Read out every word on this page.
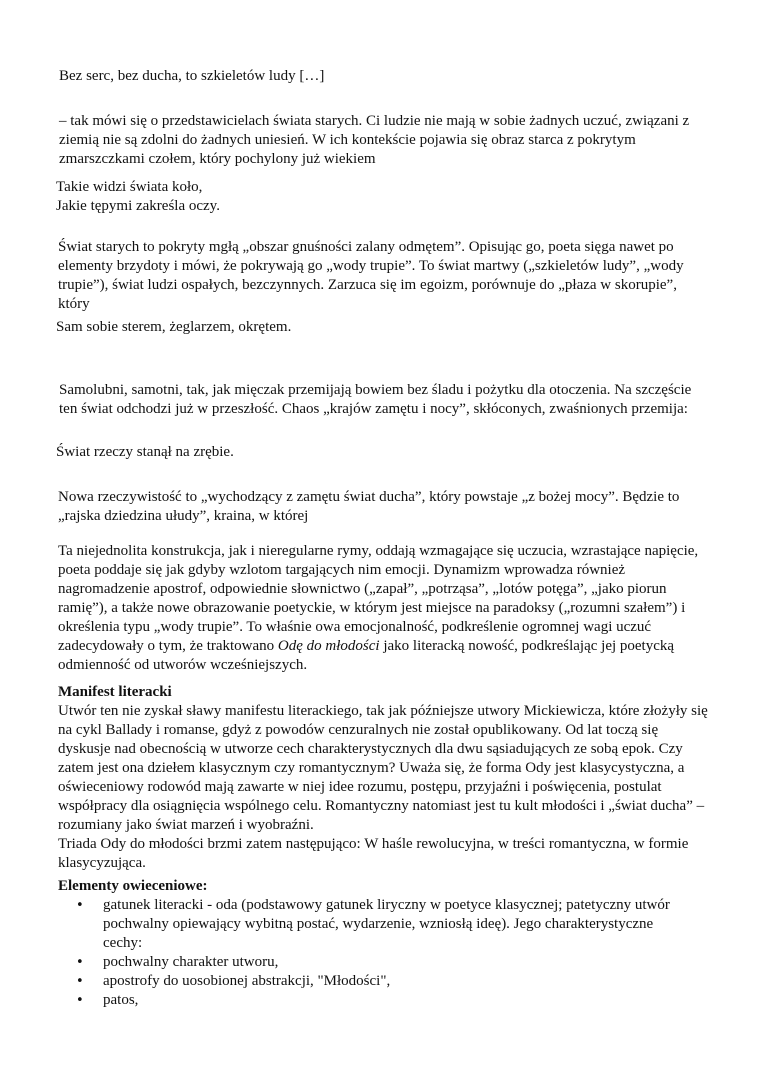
Bez serc, bez ducha, to szkieletów ludy […]

– tak mówi się o przedstawicielach świata starych. Ci ludzie nie mają w sobie żadnych uczuć, związani z ziemią nie są zdolni do żadnych uniesień. W ich kontekście pojawia się obraz starca z pokrytym zmarszczkami czołem, który pochylony już wiekiem

Takie widzi świata koło,
Jakie tępymi zakreśla oczy.

Świat starych to pokryty mgłą „obszar gnuśności zalany odmętem”. Opisując go, poeta sięga nawet po elementy brzydoty i mówi, że pokrywają go „wody trupie”. To świat martwy („szkieletów ludy”, „wody trupie”), świat ludzi ospałych, bezczynnych. Zarzuca się im egoizm, porównuje do „płaza w skorupie”, który

Sam sobie sterem, żeglarzem, okrętem.

Samolubni, samotni, tak, jak mięczak przemijają bowiem bez śladu i pożytku dla otoczenia. Na szczęście ten świat odchodzi już w przeszłość. Chaos „krajów zamętu i nocy”, skłóconych, zwaśnionych przemija:

Świat rzeczy stanął na zrębie.

Nowa rzeczywistość to „wychodzący z zamętu świat ducha”, który powstaje „z bożej mocy”. Będzie to „rajska dziedzina ułudy”, kraina, w której

Ta niejednolita konstrukcja, jak i nieregularne rymy, oddają wzmagające się uczucia, wzrastające napięcie, poeta poddaje się jak gdyby wzlotom targających nim emocji. Dynamizm wprowadza również nagromadzenie apostrof, odpowiednie słownictwo („zapał”, „potrząsa”, „lotów potęga”, „jako piorun ramię”), a także nowe obrazowanie poetyckie, w którym jest miejsce na paradoksy („rozumni szałem”) i określenia typu „wody trupie”. To właśnie owa emocjonalność, podkreślenie ogromnej wagi uczuć zadecydowały o tym, że traktowano Odę do młodości jako literacką nowość, podkreślając jej poetycką odmienność od utworów wcześniejszych.

Manifest literacki
Utwór ten nie zyskał sławy manifestu literackiego, tak jak późniejsze utwory Mickiewicza, które złożyły się na cykl Ballady i romanse, gdyż z powodów cenzuralnych nie został opublikowany. Od lat toczą się dyskusje nad obecnością w utworze cech charakterystycznych dla dwu sąsiadujących ze sobą epok. Czy zatem jest ona dziełem klasycznym czy romantycznym? Uważa się, że forma Ody jest klasycystyczna, a oświeceniowy rodowód mają zawarte w niej idee rozumu, postępu, przyjaźni i poświęcenia, postulat współpracy dla osiągnięcia wspólnego celu. Romantyczny natomiast jest tu kult młodości i „świat ducha” – rozumiany jako świat marzeń i wyobraźni.
Triada Ody do młodości brzmi zatem następująco: W haśle rewolucyjna, w treści romantyczna, w formie klasycyzująca.
Elementy owieceniowe:
• gatunek literacki - oda (podstawowy gatunek liryczny w poetyce klasycznej; patetyczny utwór pochwalny opiewający wybitną postać, wydarzenie, wzniosłą ideę). Jego charakterystyczne cechy:
• pochwalny charakter utworu,
• apostrofy do uosobionej abstrakcji, "Młodości",
• patos,
